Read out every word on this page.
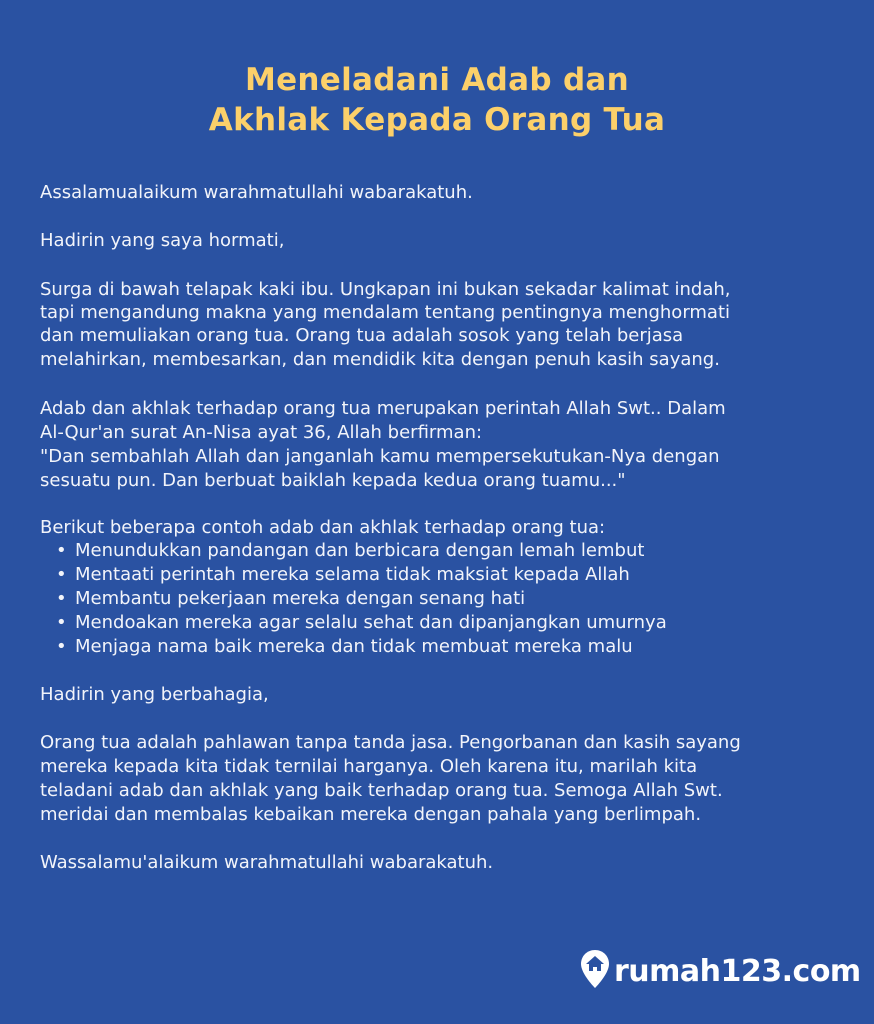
Meneladani Adab dan
Akhlak Kepada Orang Tua
Assalamualaikum warahmatullahi wabarakatuh.
Hadirin yang saya hormati,
Surga di bawah telapak kaki ibu. Ungkapan ini bukan sekadar kalimat indah,
tapi mengandung makna yang mendalam tentang pentingnya menghormati
dan memuliakan orang tua. Orang tua adalah sosok yang telah berjasa
melahirkan, membesarkan, dan mendidik kita dengan penuh kasih sayang.
Adab dan akhlak terhadap orang tua merupakan perintah Allah Swt.. Dalam
Al-Qur'an surat An-Nisa ayat 36, Allah berfirman:
"Dan sembahlah Allah dan janganlah kamu mempersekutukan-Nya dengan
sesuatu pun. Dan berbuat baiklah kepada kedua orang tuamu..."
Berikut beberapa contoh adab dan akhlak terhadap orang tua:
• Menundukkan pandangan dan berbicara dengan lemah lembut
• Mentaati perintah mereka selama tidak maksiat kepada Allah
• Membantu pekerjaan mereka dengan senang hati
• Mendoakan mereka agar selalu sehat dan dipanjangkan umurnya
• Menjaga nama baik mereka dan tidak membuat mereka malu
Hadirin yang berbahagia,
Orang tua adalah pahlawan tanpa tanda jasa. Pengorbanan dan kasih sayang
mereka kepada kita tidak ternilai harganya. Oleh karena itu, marilah kita
teladani adab dan akhlak yang baik terhadap orang tua. Semoga Allah Swt.
meridai dan membalas kebaikan mereka dengan pahala yang berlimpah.
Wassalamu'alaikum warahmatullahi wabarakatuh.
rumah123.com
